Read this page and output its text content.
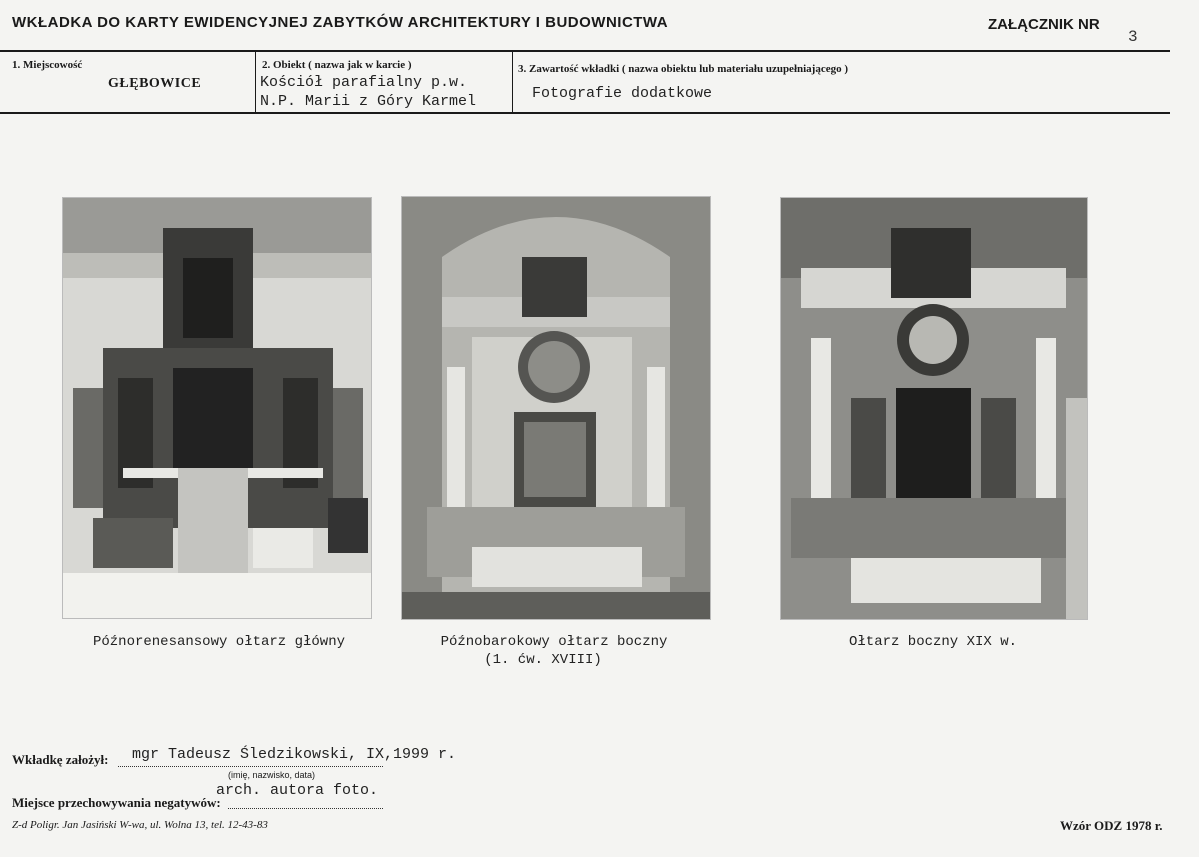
WKŁADKA DO KARTY EWIDENCYJNEJ ZABYTKÓW ARCHITEKTURY I BUDOWNICTWA	ZAŁĄCZNIK NR
3
1. Miejscowość
GŁĘBOWICE
2. Obiekt ( nazwa jak w karcie )
Kościół parafialny p.w.
N.P. Marii z Góry Karmel
3. Zawartość wkładki ( nazwa obiektu lub materiału uzupełniającego )
Fotografie dodatkowe
Późnorenesansowy ołtarz główny	Późnobarokowy ołtarz boczny
(1. ćw. XVIII)
Ołtarz boczny XIX w.
Wkładkę założył: mgr Tadeusz Śledzikowski, IX,1999 r.
(imię, nazwisko, data)
Miejsce przechowywania negatywów:
arch. autora foto.
Z-d Poligr. Jan Jasiński W-wa, ul. Wolna 13, tel. 12-43-83	Wzór ODZ 1978 r.
